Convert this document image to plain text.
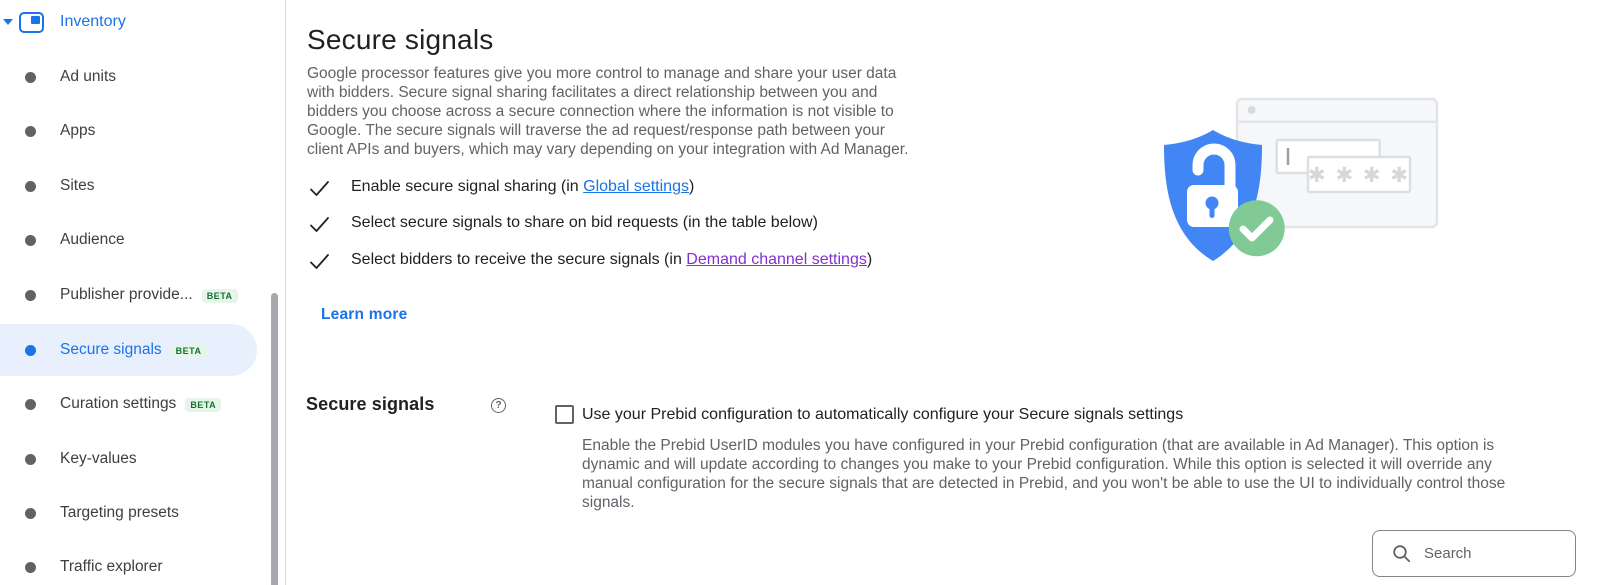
Inventory
Ad units
Apps
Sites
Audience
Publisher provide...	BETA
Secure signals	BETA
Curation settings	BETA
Key-values
Targeting presets
Traffic explorer
Secure signals

Google processor features give you more control to manage and share your user data with bidders. Secure signal sharing facilitates a direct relationship between you and bidders you choose across a secure connection where the information is not visible to Google. The secure signals will traverse the ad request/response path between your client APIs and buyers, which may vary depending on your integration with Ad Manager.

Enable secure signal sharing (in Global settings)
Select secure signals to share on bid requests (in the table below)
Select bidders to receive the secure signals (in Demand channel settings)
Learn more
Secure signals	?
Use your Prebid configuration to automatically configure your Secure signals settings

Enable the Prebid UserID modules you have configured in your Prebid configuration (that are available in Ad Manager). This option is dynamic and will update according to changes you make to your Prebid configuration. While this option is selected it will override any manual configuration for the secure signals that are detected in Prebid, and you won't be able to use the UI to individually control those signals.

Search
✱ ✱ ✱ ✱
